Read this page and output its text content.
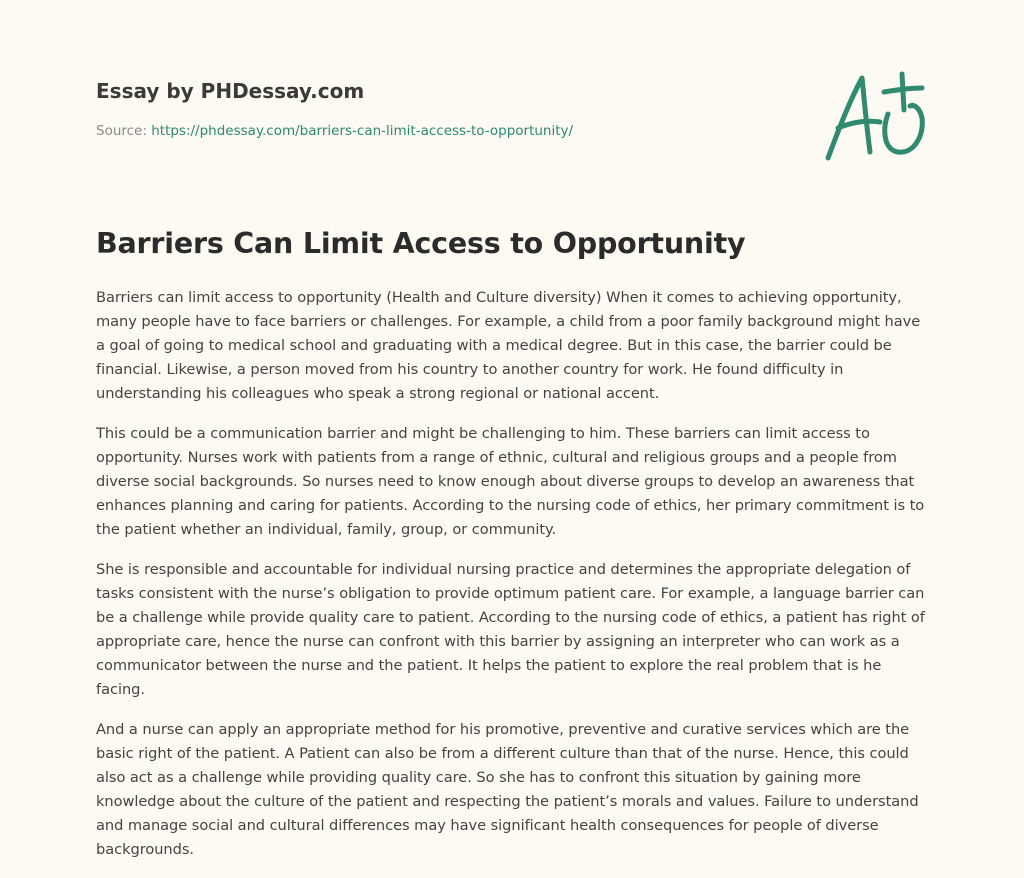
Essay by PHDessay.com
Source: https://phdessay.com/barriers-can-limit-access-to-opportunity/
Barriers Can Limit Access to Opportunity

Barriers can limit access to opportunity (Health and Culture diversity) When it comes to achieving opportunity, many people have to face barriers or challenges. For example, a child from a poor family background might have a goal of going to medical school and graduating with a medical degree. But in this case, the barrier could be financial. Likewise, a person moved from his country to another country for work. He found difficulty in understanding his colleagues who speak a strong regional or national accent.

This could be a communication barrier and might be challenging to him. These barriers can limit access to opportunity. Nurses work with patients from a range of ethnic, cultural and religious groups and a people from diverse social backgrounds. So nurses need to know enough about diverse groups to develop an awareness that enhances planning and caring for patients. According to the nursing code of ethics, her primary commitment is to the patient whether an individual, family, group, or community.

She is responsible and accountable for individual nursing practice and determines the appropriate delegation of tasks consistent with the nurse’s obligation to provide optimum patient care. For example, a language barrier can be a challenge while provide quality care to patient. According to the nursing code of ethics, a patient has right of appropriate care, hence the nurse can confront with this barrier by assigning an interpreter who can work as a communicator between the nurse and the patient. It helps the patient to explore the real problem that is he facing.

And a nurse can apply an appropriate method for his promotive, preventive and curative services which are the basic right of the patient. A Patient can also be from a different culture than that of the nurse. Hence, this could also act as a challenge while providing quality care. So she has to confront this situation by gaining more knowledge about the culture of the patient and respecting the patient’s morals and values. Failure to understand and manage social and cultural differences may have significant health consequences for people of diverse backgrounds.
